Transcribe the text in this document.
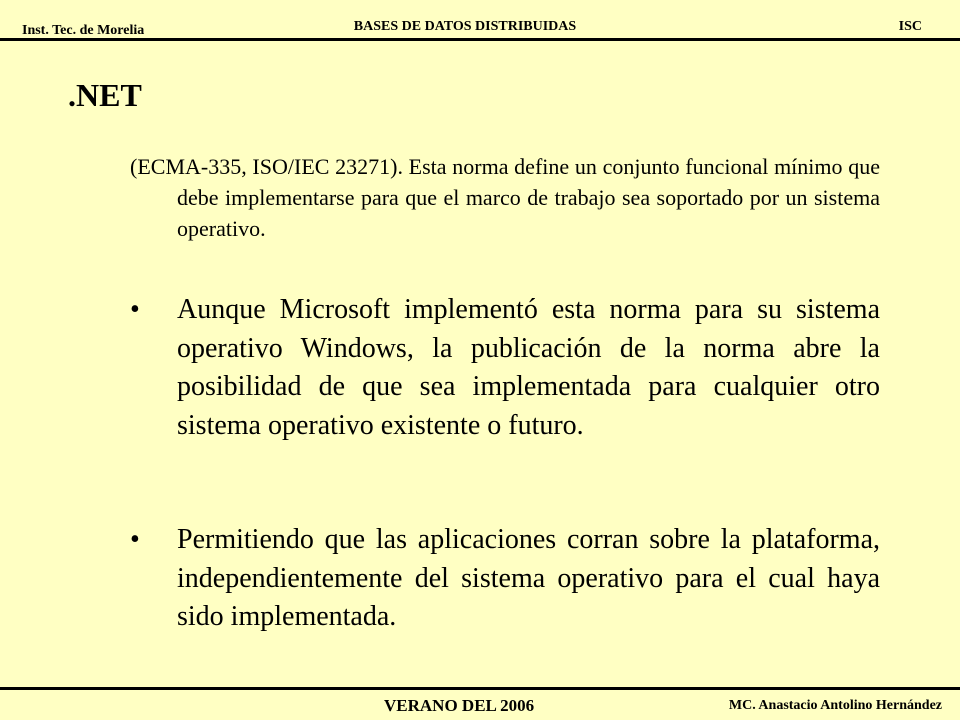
Inst. Tec. de Morelia	BASES DE DATOS DISTRIBUIDAS	ISC
.NET
(ECMA-335, ISO/IEC 23271). Esta norma define un conjunto funcional mínimo que debe implementarse para que el marco de trabajo sea soportado por un sistema operativo.
• Aunque Microsoft implementó esta norma para su sistema operativo Windows, la publicación de la norma abre la posibilidad de que sea implementada para cualquier otro sistema operativo existente o futuro.
• Permitiendo que las aplicaciones corran sobre la plataforma, independientemente del sistema operativo para el cual haya sido implementada.
VERANO DEL 2006	MC. Anastacio Antolino Hernández
